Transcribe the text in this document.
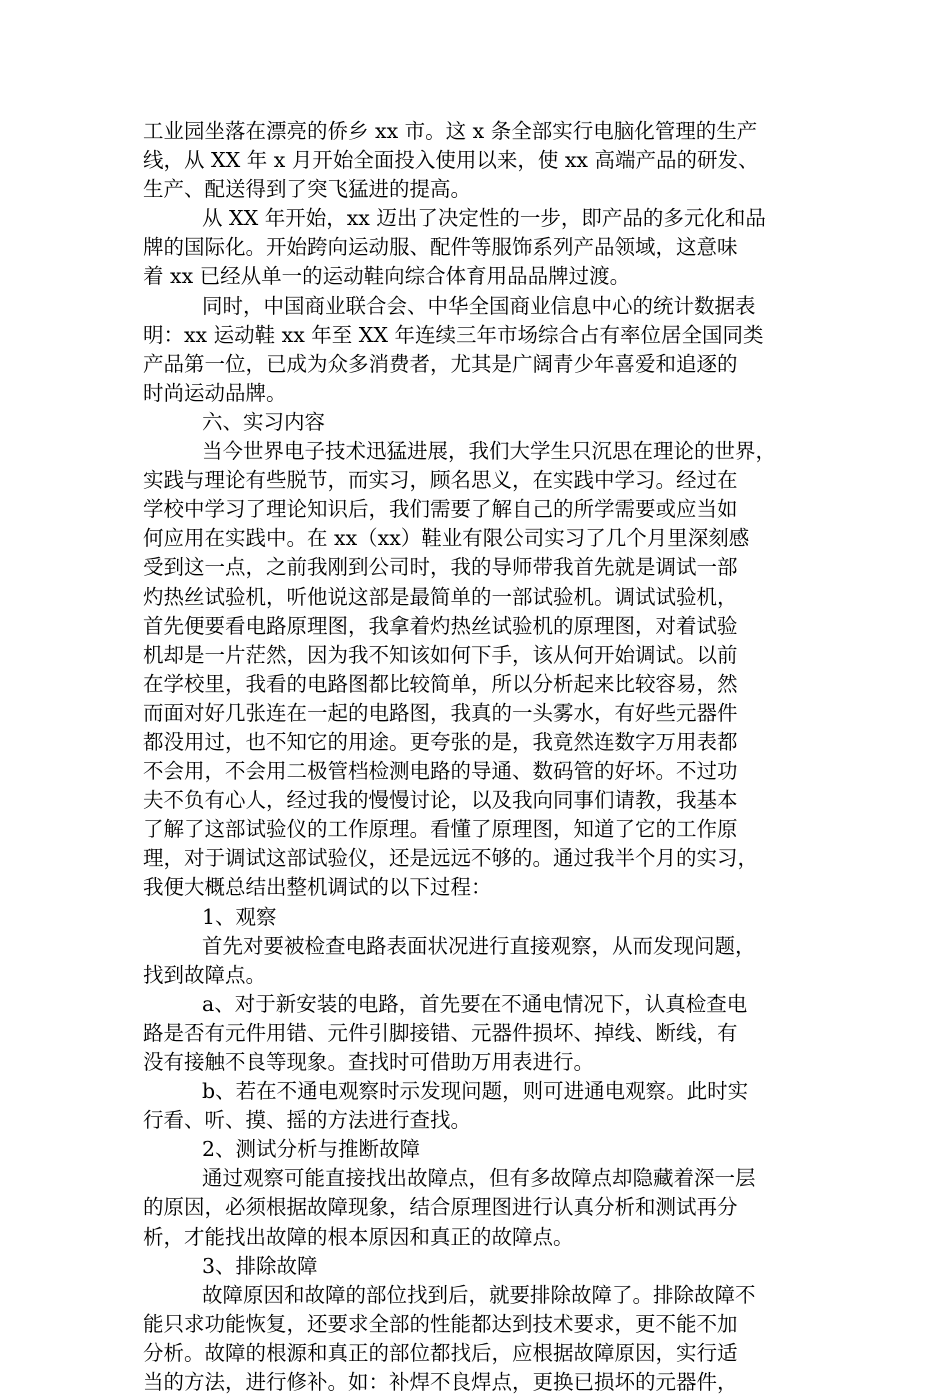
工业园坐落在漂亮的侨乡 xx 市。这 x 条全部实行电脑化管理的生产
线，从 XX 年 x 月开始全面投入使用以来，使 xx 高端产品的研发、
生产、配送得到了突飞猛进的提高。
从 XX 年开始，xx 迈出了决定性的一步，即产品的多元化和品
牌的国际化。开始跨向运动服、配件等服饰系列产品领域，这意味
着 xx 已经从单一的运动鞋向综合体育用品品牌过渡。
同时，中国商业联合会、中华全国商业信息中心的统计数据表
明：xx 运动鞋 xx 年至 XX 年连续三年市场综合占有率位居全国同类
产品第一位，已成为众多消费者，尤其是广阔青少年喜爱和追逐的
时尚运动品牌。
六、实习内容
当今世界电子技术迅猛进展，我们大学生只沉思在理论的世界，
实践与理论有些脱节，而实习，顾名思义，在实践中学习。经过在
学校中学习了理论知识后，我们需要了解自己的所学需要或应当如
何应用在实践中。在 xx（xx）鞋业有限公司实习了几个月里深刻感
受到这一点，之前我刚到公司时，我的导师带我首先就是调试一部
灼热丝试验机，听他说这部是最简单的一部试验机。调试试验机，
首先便要看电路原理图，我拿着灼热丝试验机的原理图，对着试验
机却是一片茫然，因为我不知该如何下手，该从何开始调试。以前
在学校里，我看的电路图都比较简单，所以分析起来比较容易，然
而面对好几张连在一起的电路图，我真的一头雾水，有好些元器件
都没用过，也不知它的用途。更夸张的是，我竟然连数字万用表都
不会用，不会用二极管档检测电路的导通、数码管的好坏。不过功
夫不负有心人，经过我的慢慢讨论，以及我向同事们请教，我基本
了解了这部试验仪的工作原理。看懂了原理图，知道了它的工作原
理，对于调试这部试验仪，还是远远不够的。通过我半个月的实习，
我便大概总结出整机调试的以下过程：
1、观察
首先对要被检查电路表面状况进行直接观察，从而发现问题，
找到故障点。
a、对于新安装的电路，首先要在不通电情况下，认真检查电
路是否有元件用错、元件引脚接错、元器件损坏、掉线、断线，有
没有接触不良等现象。查找时可借助万用表进行。
b、若在不通电观察时示发现问题，则可进通电观察。此时实
行看、听、摸、摇的方法进行查找。
2、测试分析与推断故障
通过观察可能直接找出故障点，但有多故障点却隐藏着深一层
的原因，必须根据故障现象，结合原理图进行认真分析和测试再分
析，才能找出故障的根本原因和真正的故障点。
3、排除故障
故障原因和故障的部位找到后，就要排除故障了。排除故障不
能只求功能恢复，还要求全部的性能都达到技术要求，更不能不加
分析。故障的根源和真正的部位都找后，应根据故障原因，实行适
当的方法，进行修补。如：补焊不良焊点，更换已损坏的元器件，
